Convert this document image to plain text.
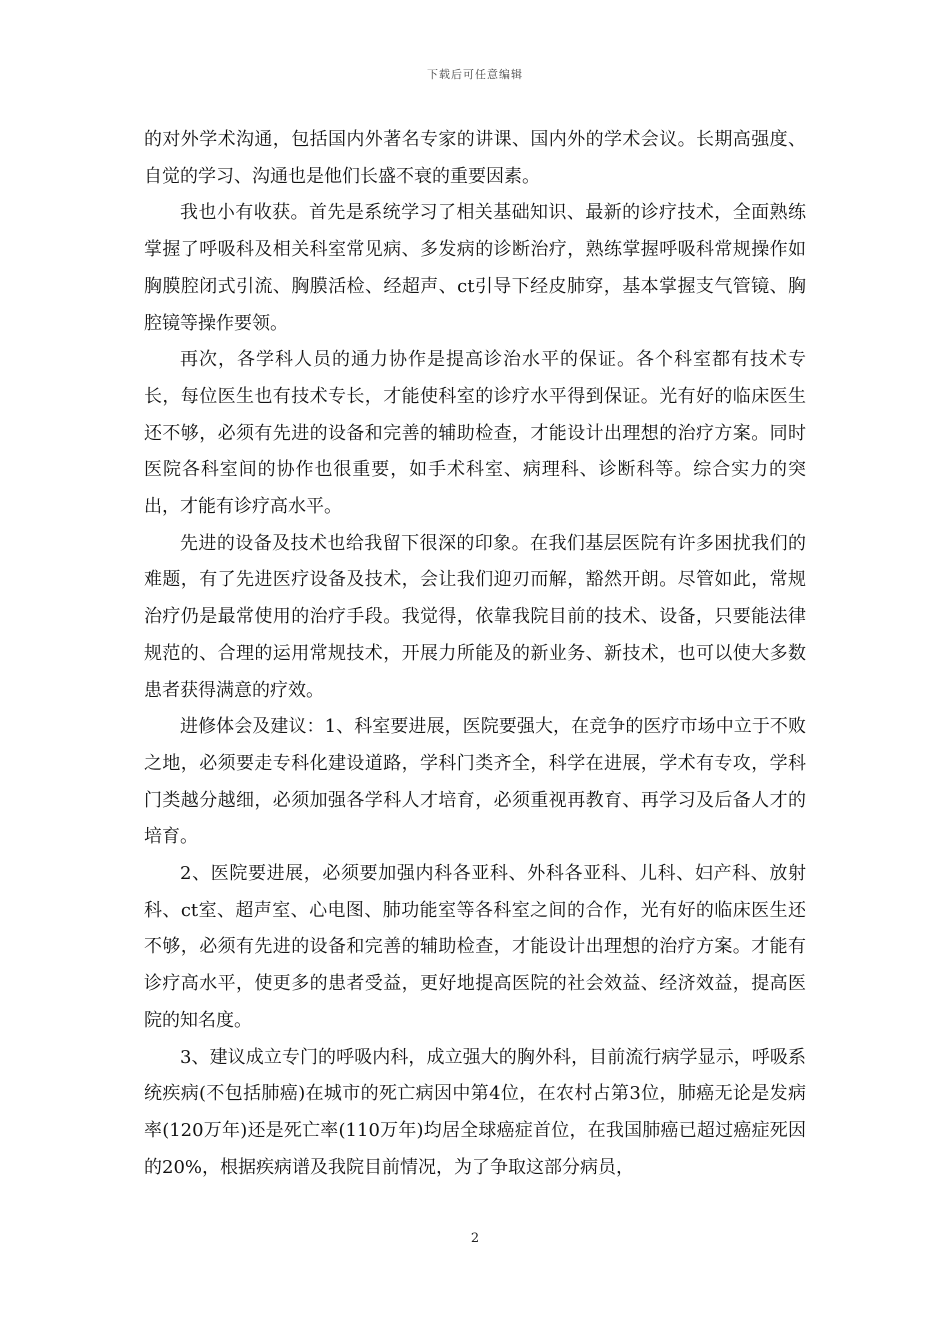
下载后可任意编辑

的对外学术沟通，包括国内外著名专家的讲课、国内外的学术会议。长期高强度、自觉的学习、沟通也是他们长盛不衰的重要因素。

我也小有收获。首先是系统学习了相关基础知识、最新的诊疗技术，全面熟练掌握了呼吸科及相关科室常见病、多发病的诊断治疗，熟练掌握呼吸科常规操作如胸膜腔闭式引流、胸膜活检、经超声、ct引导下经皮肺穿，基本掌握支气管镜、胸腔镜等操作要领。

再次，各学科人员的通力协作是提高诊治水平的保证。各个科室都有技术专长，每位医生也有技术专长，才能使科室的诊疗水平得到保证。光有好的临床医生还不够，必须有先进的设备和完善的辅助检查，才能设计出理想的治疗方案。同时医院各科室间的协作也很重要，如手术科室、病理科、诊断科等。综合实力的突出，才能有诊疗高水平。

先进的设备及技术也给我留下很深的印象。在我们基层医院有许多困扰我们的难题，有了先进医疗设备及技术，会让我们迎刃而解，豁然开朗。尽管如此，常规治疗仍是最常使用的治疗手段。我觉得，依靠我院目前的技术、设备，只要能法律规范的、合理的运用常规技术，开展力所能及的新业务、新技术，也可以使大多数患者获得满意的疗效。

进修体会及建议：1、科室要进展，医院要强大，在竞争的医疗市场中立于不败之地，必须要走专科化建设道路，学科门类齐全，科学在进展，学术有专攻，学科门类越分越细，必须加强各学科人才培育，必须重视再教育、再学习及后备人才的培育。

2、医院要进展，必须要加强内科各亚科、外科各亚科、儿科、妇产科、放射科、ct室、超声室、心电图、肺功能室等各科室之间的合作，光有好的临床医生还不够，必须有先进的设备和完善的辅助检查，才能设计出理想的治疗方案。才能有诊疗高水平，使更多的患者受益，更好地提高医院的社会效益、经济效益，提高医院的知名度。

3、建议成立专门的呼吸内科，成立强大的胸外科，目前流行病学显示，呼吸系统疾病(不包括肺癌)在城市的死亡病因中第4位，在农村占第3位，肺癌无论是发病率(120万年)还是死亡率(110万年)均居全球癌症首位，在我国肺癌已超过癌症死因的20%，根据疾病谱及我院目前情况，为了争取这部分病员，

2
